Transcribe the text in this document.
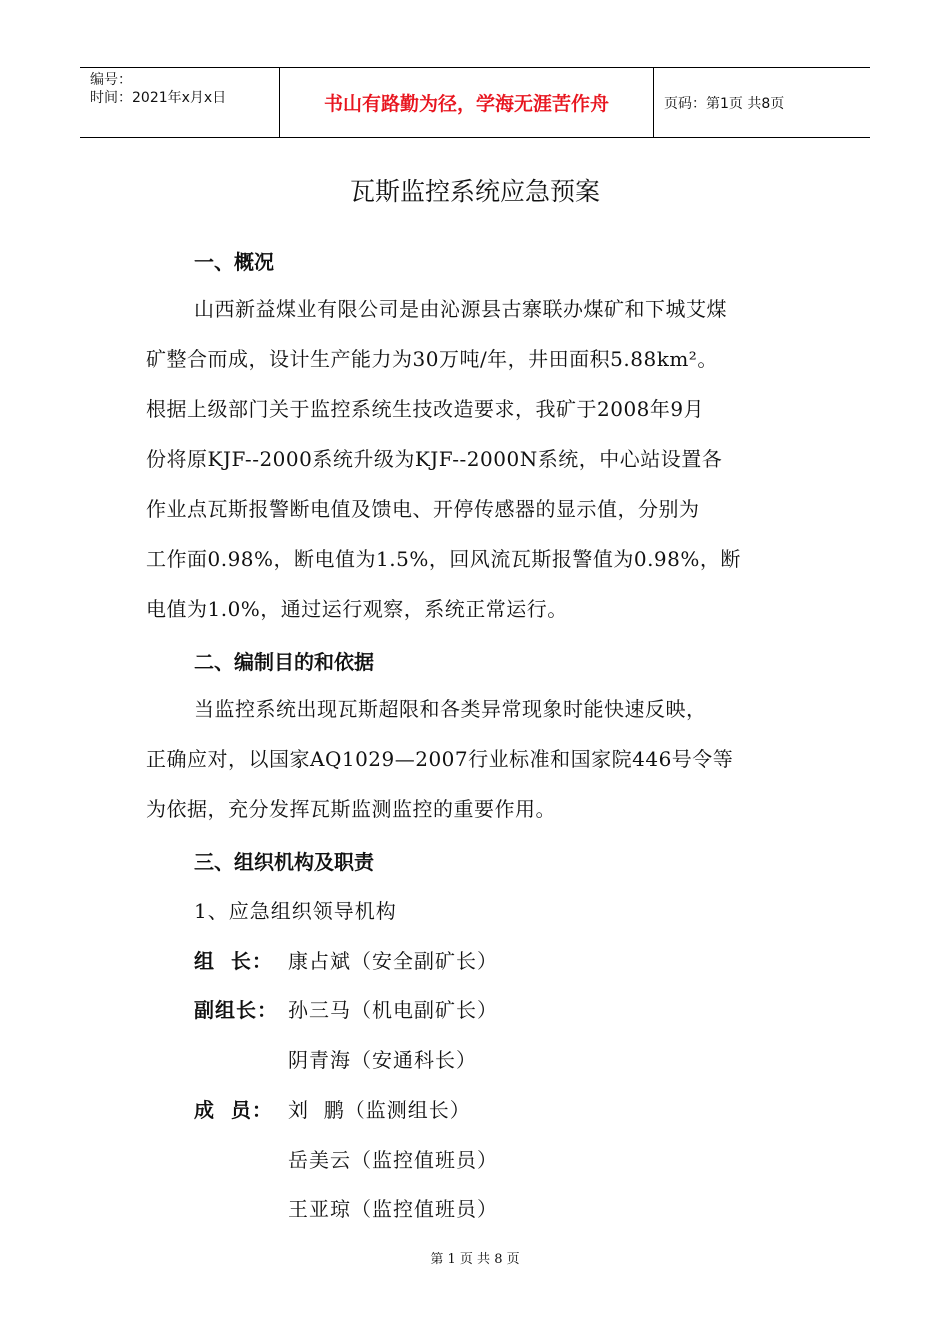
编号：
时间：2021年x月x日	书山有路勤为径，学海无涯苦作舟	页码：第1页 共8页
瓦斯监控系统应急预案
一、概况
山西新益煤业有限公司是由沁源县古寨联办煤矿和下城艾煤
矿整合而成，设计生产能力为30万吨/年，井田面积5.88km²。
根据上级部门关于监控系统生技改造要求，我矿于2008年9月
份将原KJF--2000系统升级为KJF--2000N系统，中心站设置各
作业点瓦斯报警断电值及馈电、开停传感器的显示值，分别为
工作面0.98%，断电值为1.5%，回风流瓦斯报警值为0.98%，断
电值为1.0%，通过运行观察，系统正常运行。
二、编制目的和依据
当监控系统出现瓦斯超限和各类异常现象时能快速反映，
正确应对，以国家AQ1029—2007行业标准和国家院446号令等
为依据，充分发挥瓦斯监测监控的重要作用。
三、组织机构及职责
1、应急组织领导机构
组  长： 康占斌（安全副矿长）
副组长： 孙三马（机电副矿长）
阴青海（安通科长）
成  员： 刘  鹏（监测组长）
岳美云（监控值班员）
王亚琼（监控值班员）
第 1 页 共 8 页
